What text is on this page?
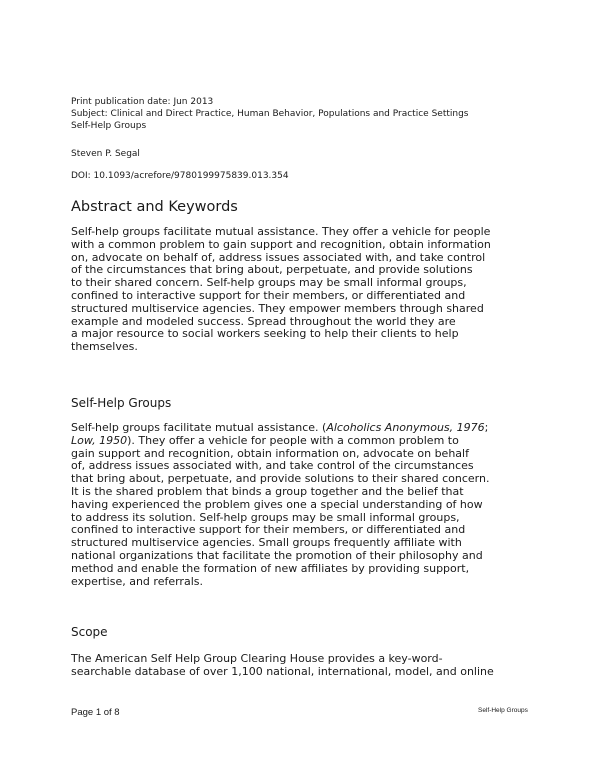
Print publication date: Jun 2013
Subject: Clinical and Direct Practice, Human Behavior, Populations and Practice Settings
Self-Help Groups
Steven P. Segal
DOI: 10.1093/acrefore/9780199975839.013.354
Abstract and Keywords
Self-help groups facilitate mutual assistance. They offer a vehicle for people
with a common problem to gain support and recognition, obtain information
on, advocate on behalf of, address issues associated with, and take control
of the circumstances that bring about, perpetuate, and provide solutions
to their shared concern. Self-help groups may be small informal groups,
confined to interactive support for their members, or differentiated and
structured multiservice agencies. They empower members through shared
example and modeled success. Spread throughout the world they are
a major resource to social workers seeking to help their clients to help
themselves.
Self-Help Groups
Self-help groups facilitate mutual assistance. (Alcoholics Anonymous, 1976;
Low, 1950). They offer a vehicle for people with a common problem to
gain support and recognition, obtain information on, advocate on behalf
of, address issues associated with, and take control of the circumstances
that bring about, perpetuate, and provide solutions to their shared concern.
It is the shared problem that binds a group together and the belief that
having experienced the problem gives one a special understanding of how
to address its solution. Self-help groups may be small informal groups,
confined to interactive support for their members, or differentiated and
structured multiservice agencies. Small groups frequently affiliate with
national organizations that facilitate the promotion of their philosophy and
method and enable the formation of new affiliates by providing support,
expertise, and referrals.
Scope
The American Self Help Group Clearing House provides a key-word-
searchable database of over 1,100 national, international, model, and online
Page 1 of 8	Self-Help Groups
